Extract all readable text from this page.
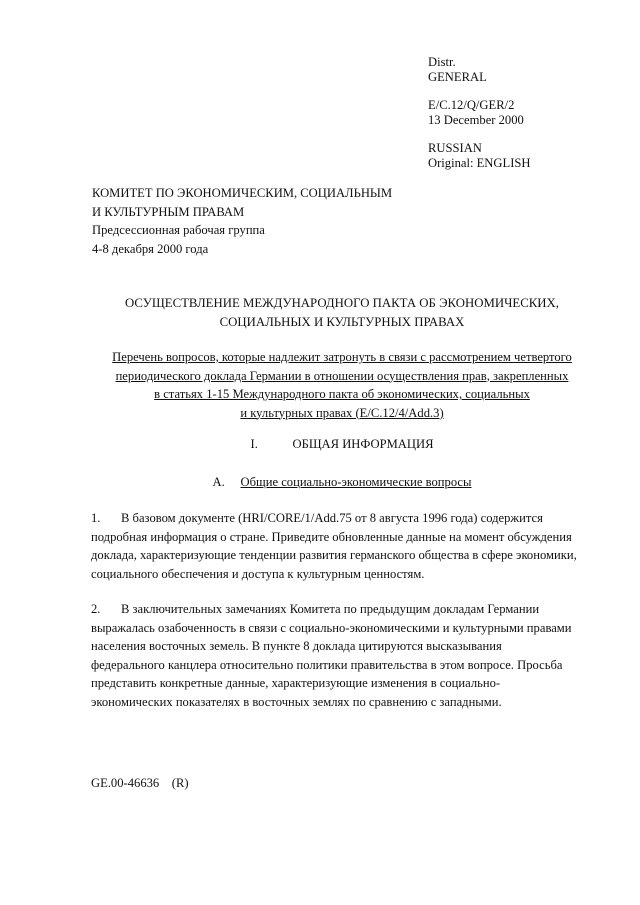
Distr.
GENERAL
E/C.12/Q/GER/2
13 December 2000
RUSSIAN
Original: ENGLISH
КОМИТЕТ ПО ЭКОНОМИЧЕСКИМ, СОЦИАЛЬНЫМ
И КУЛЬТУРНЫМ ПРАВАМ
Предсессионная рабочая группа
4-8 декабря 2000 года
ОСУЩЕСТВЛЕНИЕ МЕЖДУНАРОДНОГО ПАКТА ОБ ЭКОНОМИЧЕСКИХ,
СОЦИАЛЬНЫХ И КУЛЬТУРНЫХ ПРАВАХ
Перечень вопросов, которые надлежит затронуть в связи с рассмотрением четвертого
периодического доклада Германии в отношении осуществления прав, закрепленных
в статьях 1-15 Международного пакта об экономических, социальных
и культурных правах (E/C.12/4/Add.3)
I.	ОБЩАЯ ИНФОРМАЦИЯ
A. Общие социально-экономические вопросы
1. В базовом документе (HRI/CORE/1/Add.75 от 8 августа 1996 года) содержится
подробная информация о стране. Приведите обновленные данные на момент обсуждения
доклада, характеризующие тенденции развития германского общества в сфере экономики,
социального обеспечения и доступа к культурным ценностям.
2. В заключительных замечаниях Комитета по предыдущим докладам Германии
выражалась озабоченность в связи с социально-экономическими и культурными правами
населения восточных земель. В пункте 8 доклада цитируются высказывания
федерального канцлера относительно политики правительства в этом вопросе. Просьба
представить конкретные данные, характеризующие изменения в социально-
экономических показателях в восточных землях по сравнению с западными.
GE.00-46636    (R)
